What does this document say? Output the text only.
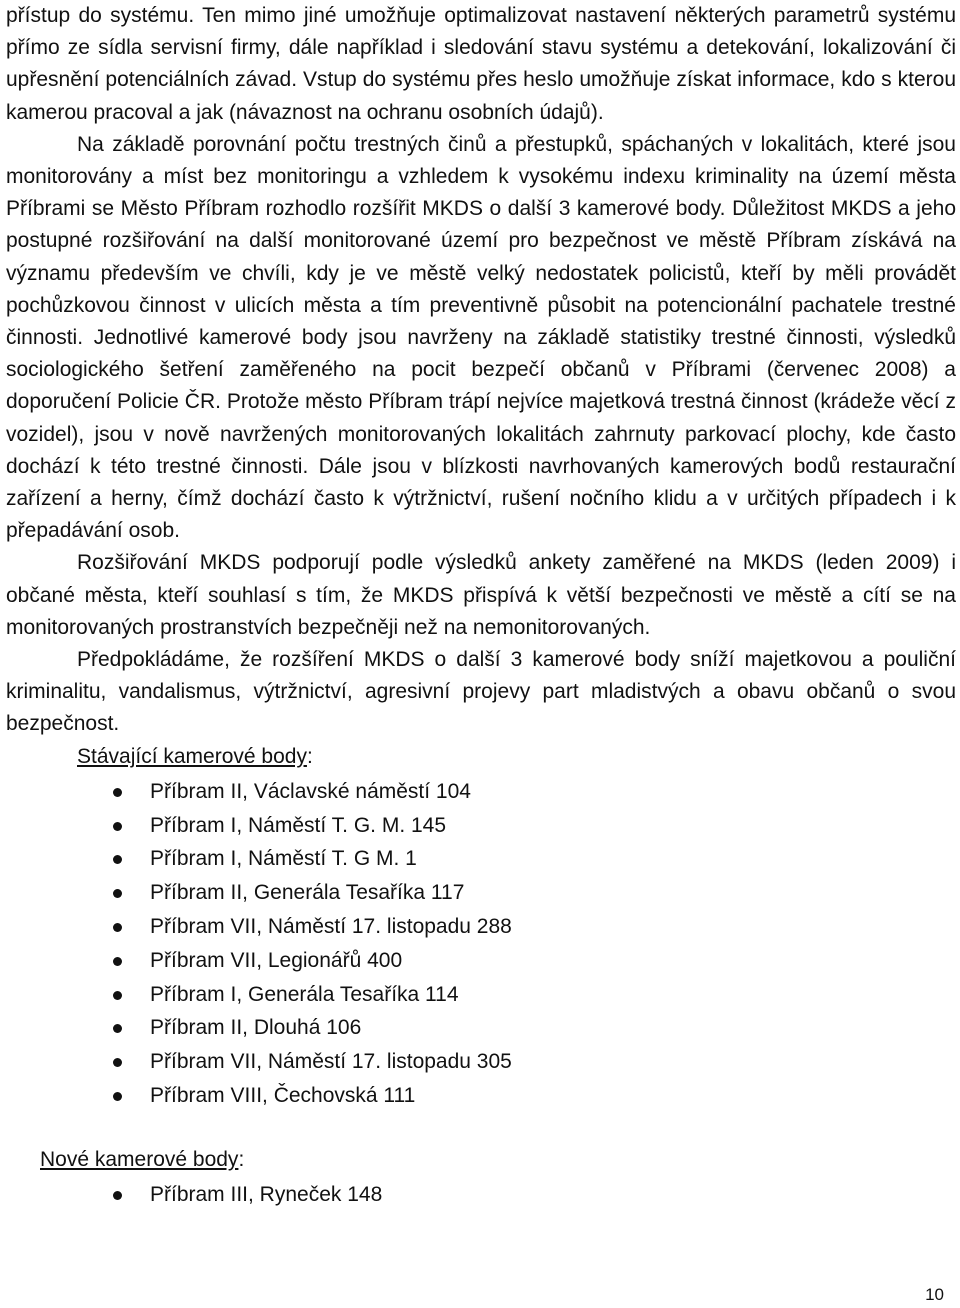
přístup do systému. Ten mimo jiné umožňuje optimalizovat nastavení některých parametrů systému přímo ze sídla servisní firmy, dále například i sledování stavu systému a detekování, lokalizování či upřesnění potenciálních závad. Vstup do systému přes heslo umožňuje získat informace, kdo s kterou kamerou pracoval a jak (návaznost na ochranu osobních údajů).

Na základě porovnání počtu trestných činů a přestupků, spáchaných v lokalitách, které jsou monitorovány a míst bez monitoringu a vzhledem k vysokému indexu kriminality na území města Příbrami se Město Příbram rozhodlo rozšířit MKDS o další 3 kamerové body. Důležitost MKDS a jeho postupné rozšiřování na další monitorované území pro bezpečnost ve městě Příbram získává na významu především ve chvíli, kdy je ve městě velký nedostatek policistů, kteří by měli provádět pochůzkovou činnost v ulicích města a tím preventivně působit na potencionální pachatele trestné činnosti. Jednotlivé kamerové body jsou navrženy na základě statistiky trestné činnosti, výsledků sociologického šetření zaměřeného na pocit bezpečí občanů v Příbrami (červenec 2008) a doporučení Policie ČR. Protože město Příbram trápí nejvíce majetková trestná činnost (krádeže věcí z vozidel), jsou v nově navržených monitorovaných lokalitách zahrnuty parkovací plochy, kde často dochází k této trestné činnosti. Dále jsou v blízkosti navrhovaných kamerových bodů restaurační zařízení a herny, čímž dochází často k výtržnictví, rušení nočního klidu a v určitých případech i k přepadávání osob.

Rozšiřování MKDS podporují podle výsledků ankety zaměřené na MKDS (leden 2009) i občané města, kteří souhlasí s tím, že MKDS přispívá k větší bezpečnosti ve městě a cítí se na monitorovaných prostranstvích bezpečněji než na nemonitorovaných.

Předpokládáme, že rozšíření MKDS o další 3 kamerové body sníží majetkovou a pouliční kriminalitu, vandalismus, výtržnictví, agresivní projevy part mladistvých a obavu občanů o svou bezpečnost.

Stávající kamerové body:

Příbram II, Václavské náměstí 104
Příbram I, Náměstí T. G. M. 145
Příbram I, Náměstí T. G M. 1
Příbram II, Generála Tesaříka 117
Příbram VII, Náměstí 17. listopadu 288
Příbram VII, Legionářů 400
Příbram I, Generála Tesaříka 114
Příbram II, Dlouhá 106
Příbram VII, Náměstí 17. listopadu 305
Příbram VIII, Čechovská 111

Nové kamerové body:

Příbram III, Ryneček 148
10
